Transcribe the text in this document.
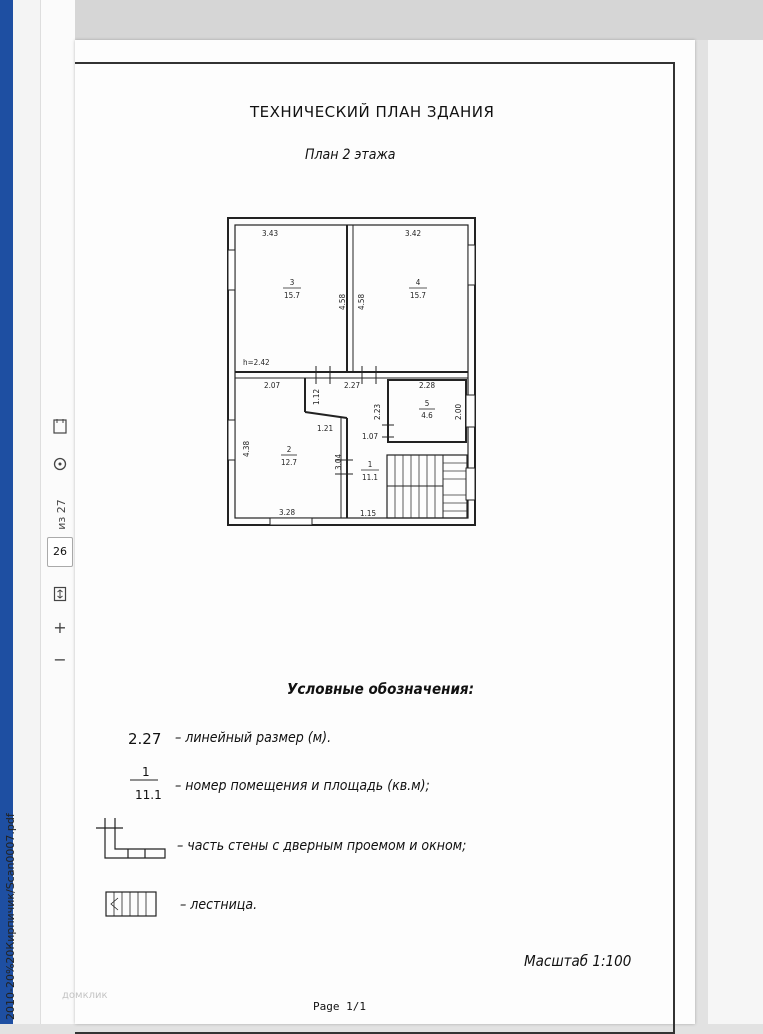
2010-20%20Кирпичик/Scan0007.pdf
+
−
из 27
26
ТЕХНИЧЕСКИЙ ПЛАН ЗДАНИЯ
План 2 этажа
3
15.7
4
15.7
2
12.7
5
4.6
1
11.1
3.43	3.42
4.58 4.58
h=2.42
2.07	2.27	2.28
1.12
2.23	2.00
1.21
1.07
4.38
3.04
3.28	1.15
Условные обозначения:
2.27 – линейный размер (м).
1
11.1
– номер помещения и площадь (кв.м);
– часть стены с дверным проемом и окном;
– лестница.
Масштаб 1:100
Page 1/1
домклик
